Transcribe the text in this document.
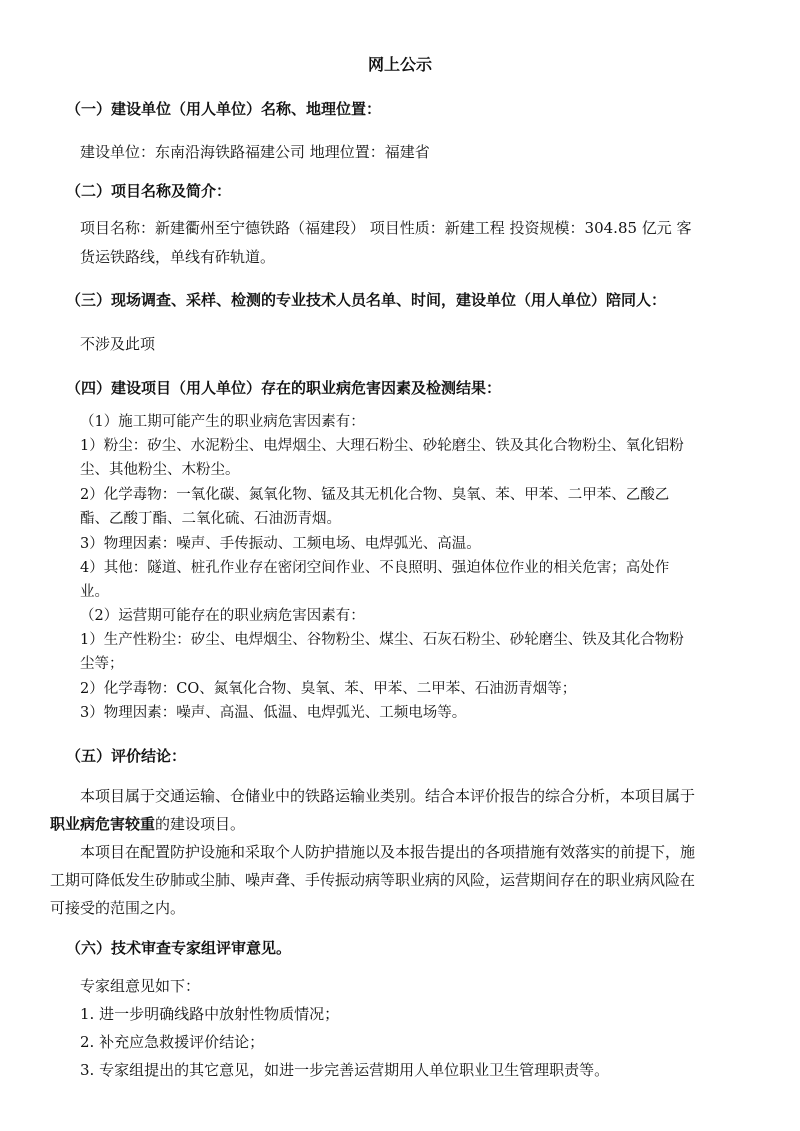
网上公示
（一）建设单位（用人单位）名称、地理位置：
建设单位：东南沿海铁路福建公司 地理位置：福建省
（二）项目名称及简介：
项目名称：新建衢州至宁德铁路（福建段） 项目性质：新建工程 投资规模：304.85 亿元 客
货运铁路线，单线有砟轨道。
（三）现场调查、采样、检测的专业技术人员名单、时间，建设单位（用人单位）陪同人：
不涉及此项
（四）建设项目（用人单位）存在的职业病危害因素及检测结果：
（1）施工期可能产生的职业病危害因素有：
1）粉尘：矽尘、水泥粉尘、电焊烟尘、大理石粉尘、砂轮磨尘、铁及其化合物粉尘、氧化铝粉
尘、其他粉尘、木粉尘。
2）化学毒物：一氧化碳、氮氧化物、锰及其无机化合物、臭氧、苯、甲苯、二甲苯、乙酸乙
酯、乙酸丁酯、二氧化硫、石油沥青烟。
3）物理因素：噪声、手传振动、工频电场、电焊弧光、高温。
4）其他：隧道、桩孔作业存在密闭空间作业、不良照明、强迫体位作业的相关危害；高处作
业。
（2）运营期可能存在的职业病危害因素有：
1）生产性粉尘：矽尘、电焊烟尘、谷物粉尘、煤尘、石灰石粉尘、砂轮磨尘、铁及其化合物粉
尘等；
2）化学毒物：CO、氮氧化合物、臭氧、苯、甲苯、二甲苯、石油沥青烟等；
3）物理因素：噪声、高温、低温、电焊弧光、工频电场等。
（五）评价结论：
本项目属于交通运输、仓储业中的铁路运输业类别。结合本评价报告的综合分析，本项目属于
职业病危害较重的建设项目。
本项目在配置防护设施和采取个人防护措施以及本报告提出的各项措施有效落实的前提下，施
工期可降低发生矽肺或尘肺、噪声聋、手传振动病等职业病的风险，运营期间存在的职业病风险在
可接受的范围之内。
（六）技术审查专家组评审意见。
专家组意见如下：
1. 进一步明确线路中放射性物质情况；
2. 补充应急救援评价结论；
3. 专家组提出的其它意见，如进一步完善运营期用人单位职业卫生管理职责等。
